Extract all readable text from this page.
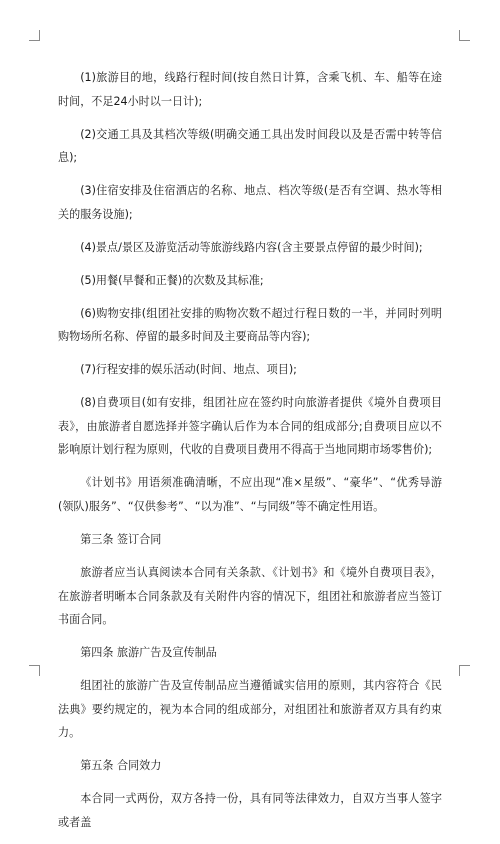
(1)旅游目的地，线路行程时间(按自然日计算，含乘飞机、车、船等在途时间，不足24小时以一日计);

(2)交通工具及其档次等级(明确交通工具出发时间段以及是否需中转等信息);

(3)住宿安排及住宿酒店的名称、地点、档次等级(是否有空调、热水等相关的服务设施);

(4)景点/景区及游览活动等旅游线路内容(含主要景点停留的最少时间);

(5)用餐(早餐和正餐)的次数及其标准;

(6)购物安排(组团社安排的购物次数不超过行程日数的一半，并同时列明购物场所名称、停留的最多时间及主要商品等内容);

(7)行程安排的娱乐活动(时间、地点、项目);

(8)自费项目(如有安排，组团社应在签约时向旅游者提供《境外自费项目表》，由旅游者自愿选择并签字确认后作为本合同的组成部分;自费项目应以不影响原计划行程为原则，代收的自费项目费用不得高于当地同期市场零售价);

《计划书》用语须准确清晰，不应出现“准×星级”、“豪华”、“优秀导游(领队)服务”、“仅供参考”、“以为准”、“与同级”等不确定性用语。

第三条 签订合同

旅游者应当认真阅读本合同有关条款、《计划书》和《境外自费项目表》，在旅游者明晰本合同条款及有关附件内容的情况下，组团社和旅游者应当签订书面合同。

第四条 旅游广告及宣传制品

组团社的旅游广告及宣传制品应当遵循诚实信用的原则，其内容符合《民法典》要约规定的，视为本合同的组成部分，对组团社和旅游者双方具有约束力。

第五条 合同效力

本合同一式两份，双方各持一份，具有同等法律效力，自双方当事人签字或者盖
